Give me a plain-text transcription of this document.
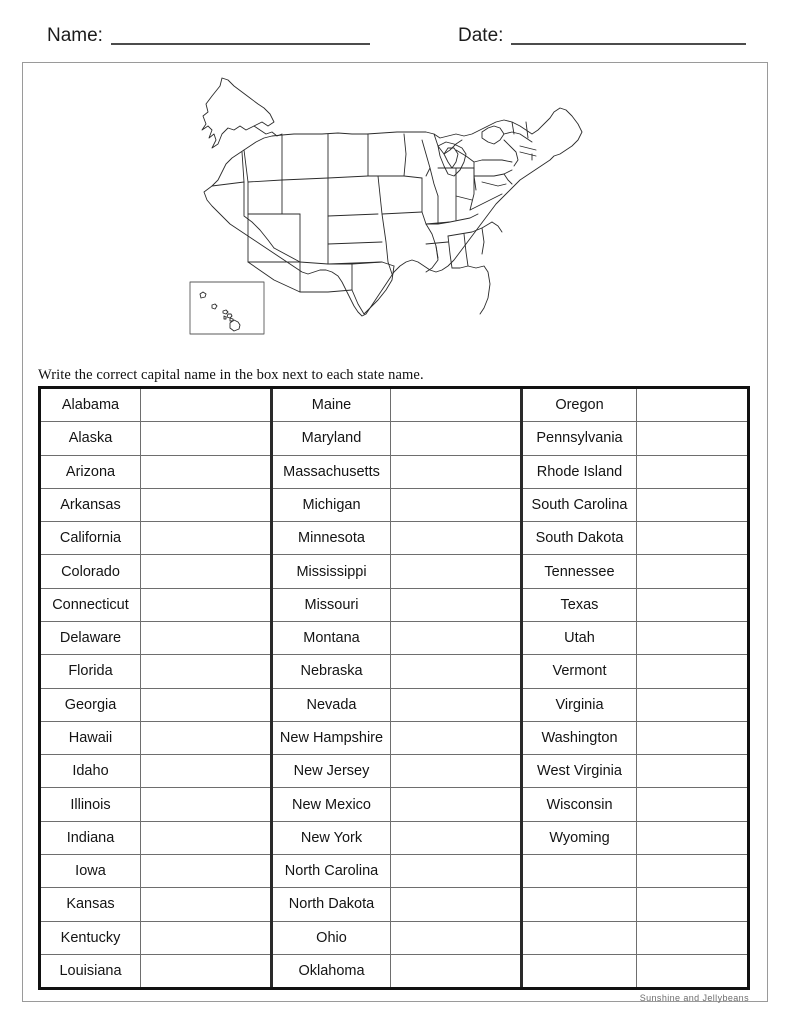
Name:	Date:
Write the correct capital name in the box next to each state name.
Alabama
Alaska
Arizona
Arkansas
California
Colorado
Connecticut
Delaware
Florida
Georgia
Hawaii
Idaho
Illinois
Indiana
Iowa
Kansas
Kentucky
Louisiana
Maine
Maryland
Massachusetts
Michigan
Minnesota
Mississippi
Missouri
Montana
Nebraska
Nevada
New Hampshire
New Jersey
New Mexico
New York
North Carolina
North Dakota
Ohio
Oklahoma
Oregon
Pennsylvania
Rhode Island
South Carolina
South Dakota
Tennessee
Texas
Utah
Vermont
Virginia
Washington
West Virginia
Wisconsin
Wyoming
Sunshine and Jellybeans
